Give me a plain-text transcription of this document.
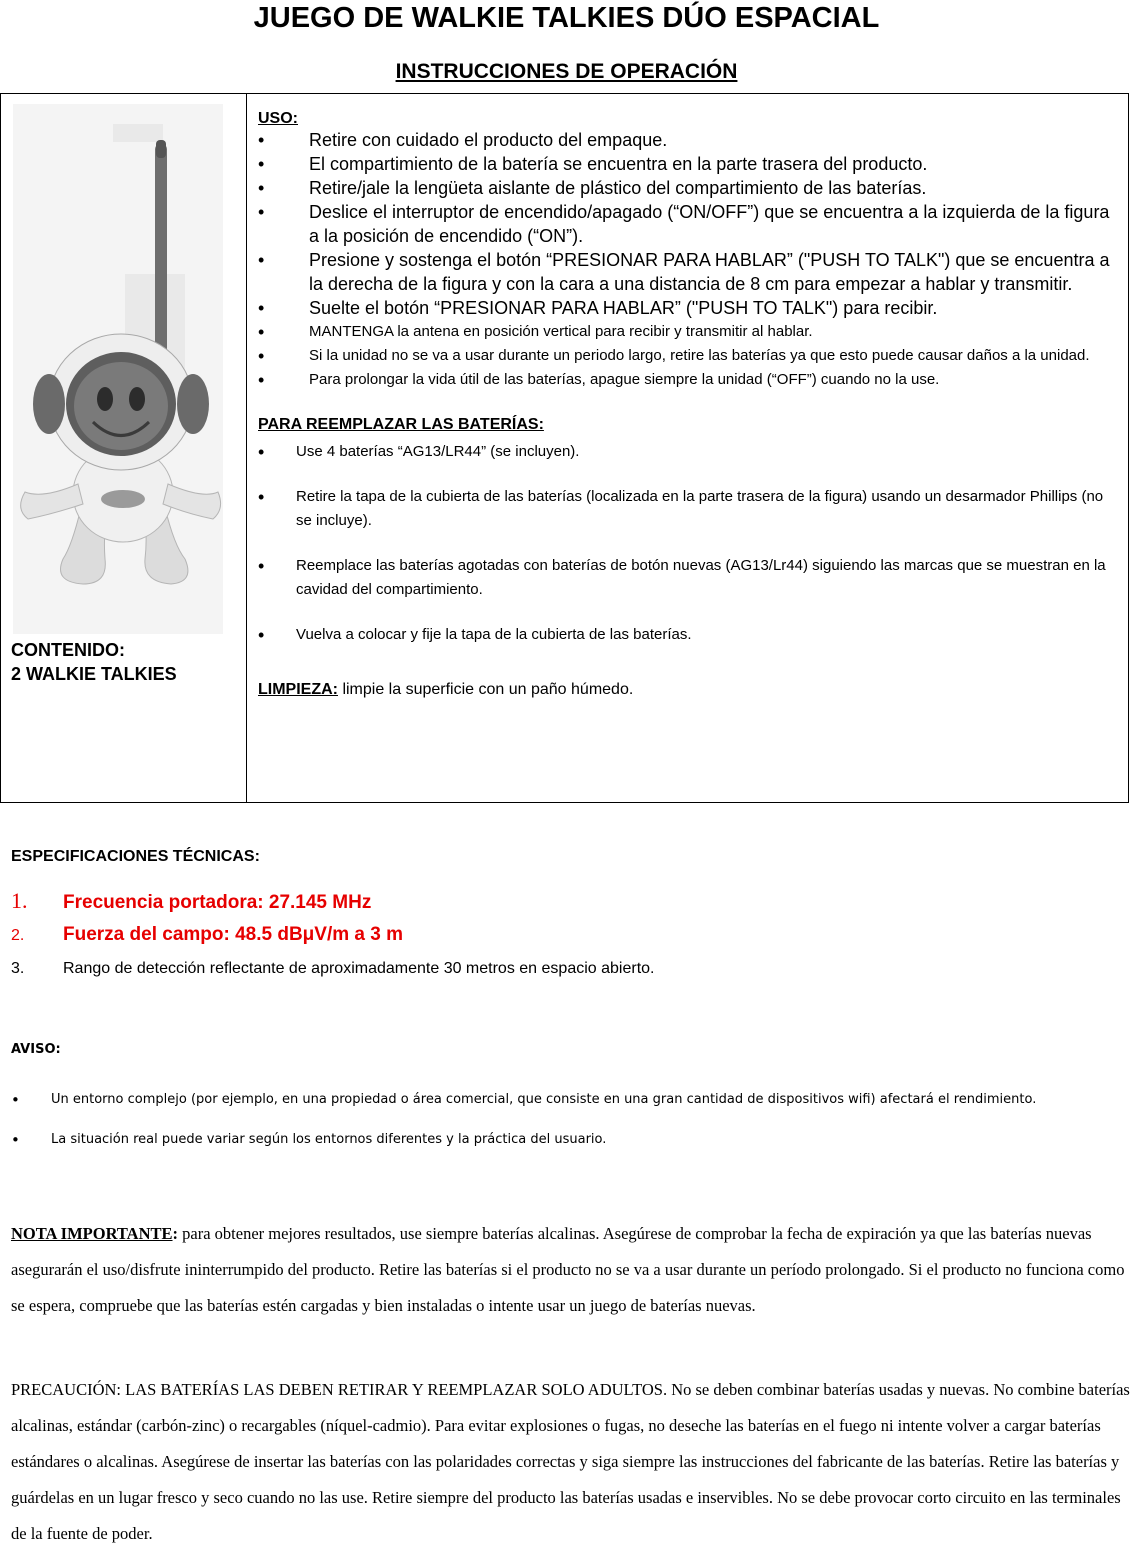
JUEGO DE WALKIE TALKIES DÚO ESPACIAL
INSTRUCCIONES DE OPERACIÓN
CONTENIDO:
2 WALKIE TALKIES
USO:
• Retire con cuidado el producto del empaque.
• El compartimiento de la batería se encuentra en la parte trasera del producto.
• Retire/jale la lengüeta aislante de plástico del compartimiento de las baterías.
• Deslice el interruptor de encendido/apagado (“ON/OFF”) que se encuentra a la izquierda de la figura a la posición de encendido (“ON”).
• Presione y sostenga el botón “PRESIONAR PARA HABLAR” ("PUSH TO TALK") que se encuentra a la derecha de la figura y con la cara a una distancia de 8 cm para empezar a hablar y transmitir.
• Suelte el botón “PRESIONAR PARA HABLAR” ("PUSH TO TALK") para recibir.
• MANTENGA la antena en posición vertical para recibir y transmitir al hablar.
• Si la unidad no se va a usar durante un periodo largo, retire las baterías ya que esto puede causar daños a la unidad.
• Para prolongar la vida útil de las baterías, apague siempre la unidad (“OFF”) cuando no la use.
PARA REEMPLAZAR LAS BATERÍAS:
• Use 4 baterías “AG13/LR44” (se incluyen).
• Retire la tapa de la cubierta de las baterías (localizada en la parte trasera de la figura) usando un desarmador Phillips (no se incluye).
• Reemplace las baterías agotadas con baterías de botón nuevas (AG13/Lr44) siguiendo las marcas que se muestran en la cavidad del compartimiento.
• Vuelva a colocar y fije la tapa de la cubierta de las baterías.
LIMPIEZA: limpie la superficie con un paño húmedo.
ESPECIFICACIONES TÉCNICAS:
1.	Frecuencia portadora: 27.145 MHz
2.	Fuerza del campo: 48.5 dBμV/m a 3 m
3.	Rango de detección reflectante de aproximadamente 30 metros en espacio abierto.
AVISO:
• Un entorno complejo (por ejemplo, en una propiedad o área comercial, que consiste en una gran cantidad de dispositivos wifi) afectará el rendimiento.
• La situación real puede variar según los entornos diferentes y la práctica del usuario.
NOTA IMPORTANTE: para obtener mejores resultados, use siempre baterías alcalinas. Asegúrese de comprobar la fecha de expiración ya que las baterías nuevas asegurarán el uso/disfrute ininterrumpido del producto. Retire las baterías si el producto no se va a usar durante un período prolongado. Si el producto no funciona como se espera, compruebe que las baterías estén cargadas y bien instaladas o intente usar un juego de baterías nuevas.
PRECAUCIÓN: LAS BATERÍAS LAS DEBEN RETIRAR Y REEMPLAZAR SOLO ADULTOS. No se deben combinar baterías usadas y nuevas. No combine baterías alcalinas, estándar (carbón-zinc) o recargables (níquel-cadmio). Para evitar explosiones o fugas, no deseche las baterías en el fuego ni intente volver a cargar baterías estándares o alcalinas. Asegúrese de insertar las baterías con las polaridades correctas y siga siempre las instrucciones del fabricante de las baterías. Retire las baterías y guárdelas en un lugar fresco y seco cuando no las use. Retire siempre del producto las baterías usadas e inservibles. No se debe provocar corto circuito en las terminales de la fuente de poder.
